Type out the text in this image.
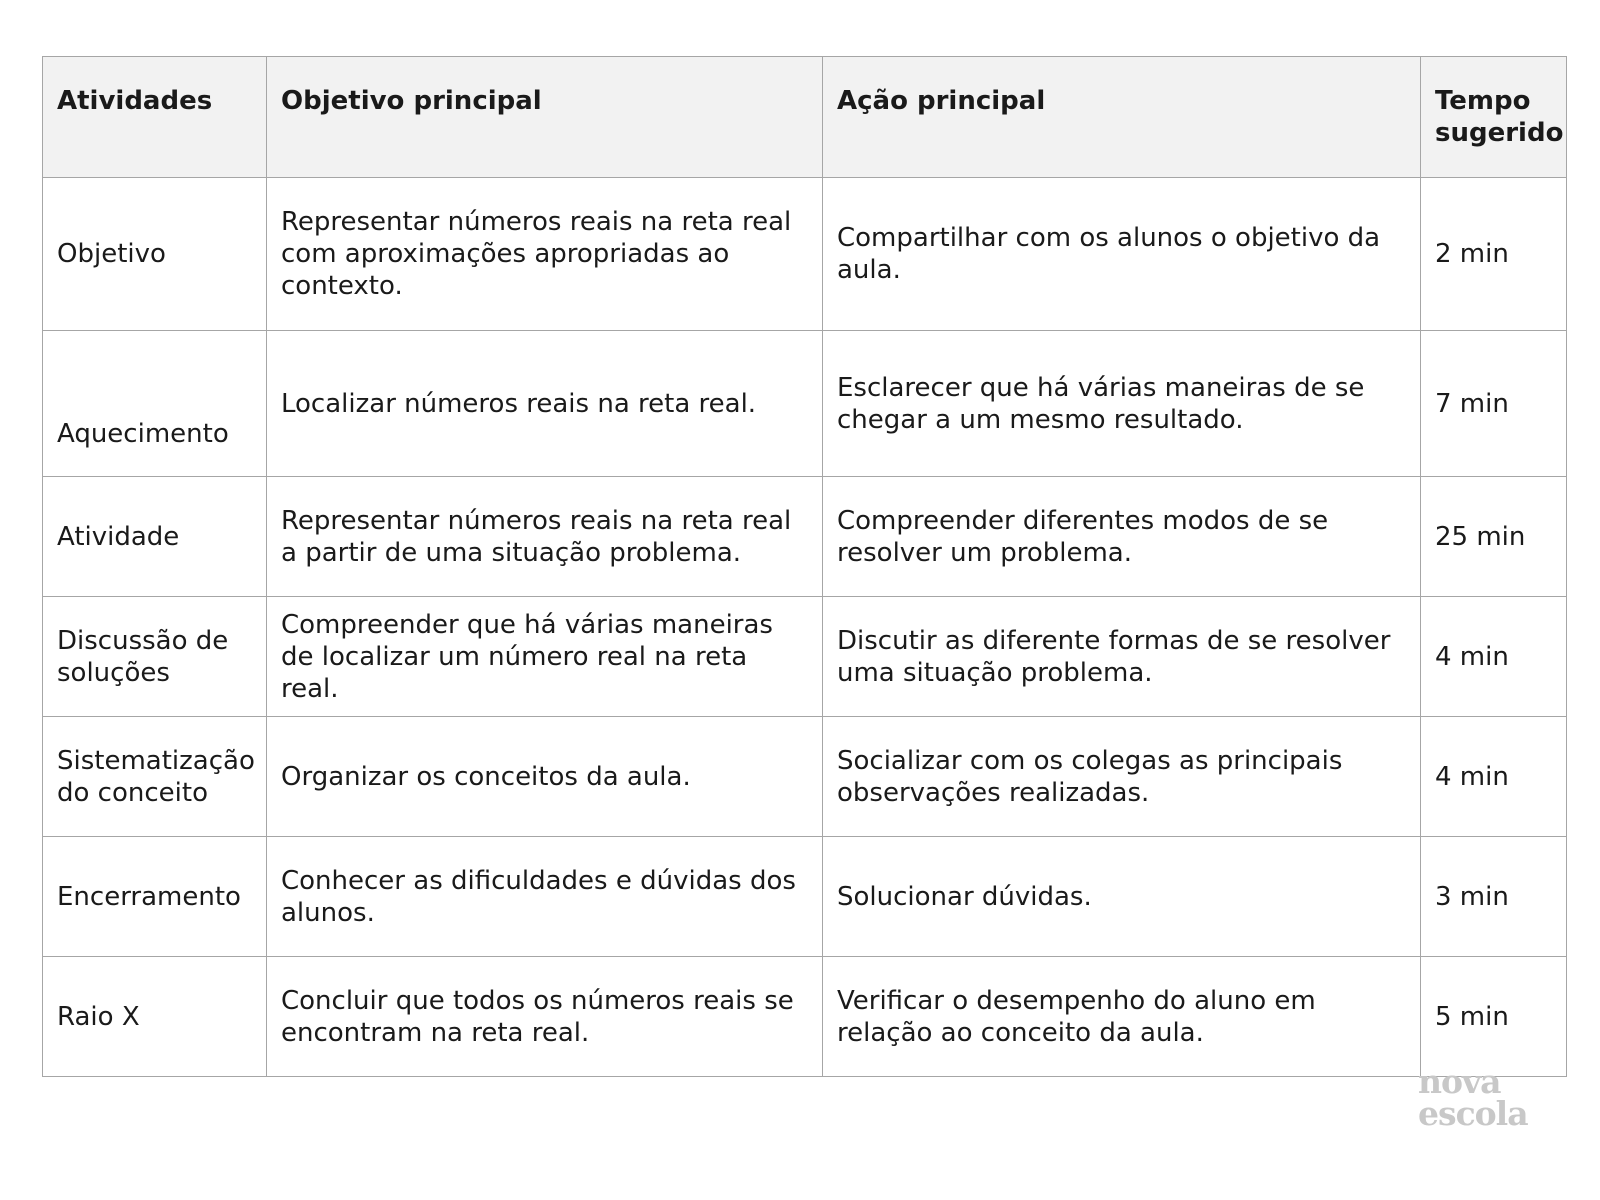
Atividades	Objetivo principal	Ação principal	Tempo sugerido
Objetivo	Representar números reais na reta real com aproximações apropriadas ao contexto.	Compartilhar com os alunos o objetivo da aula.	2 min
Aquecimento	Localizar números reais na reta real.	Esclarecer que há várias maneiras de se chegar a um mesmo resultado.	7 min
Atividade	Representar números reais na reta real a partir de uma situação problema.	Compreender diferentes modos de se resolver um problema.	25 min
Discussão de soluções	Compreender que há várias maneiras de localizar um número real na reta real.	Discutir as diferente formas de se resolver uma situação problema.	4 min
Sistematização do conceito	Organizar os conceitos da aula.	Socializar com os colegas as principais observações realizadas.	4 min
Encerramento	Conhecer as dificuldades e dúvidas dos alunos.	Solucionar dúvidas.	3 min
Raio X	Concluir que todos os números reais se encontram na reta real.	Verificar o desempenho do aluno em relação ao conceito da aula.	5 min
nova
escola
